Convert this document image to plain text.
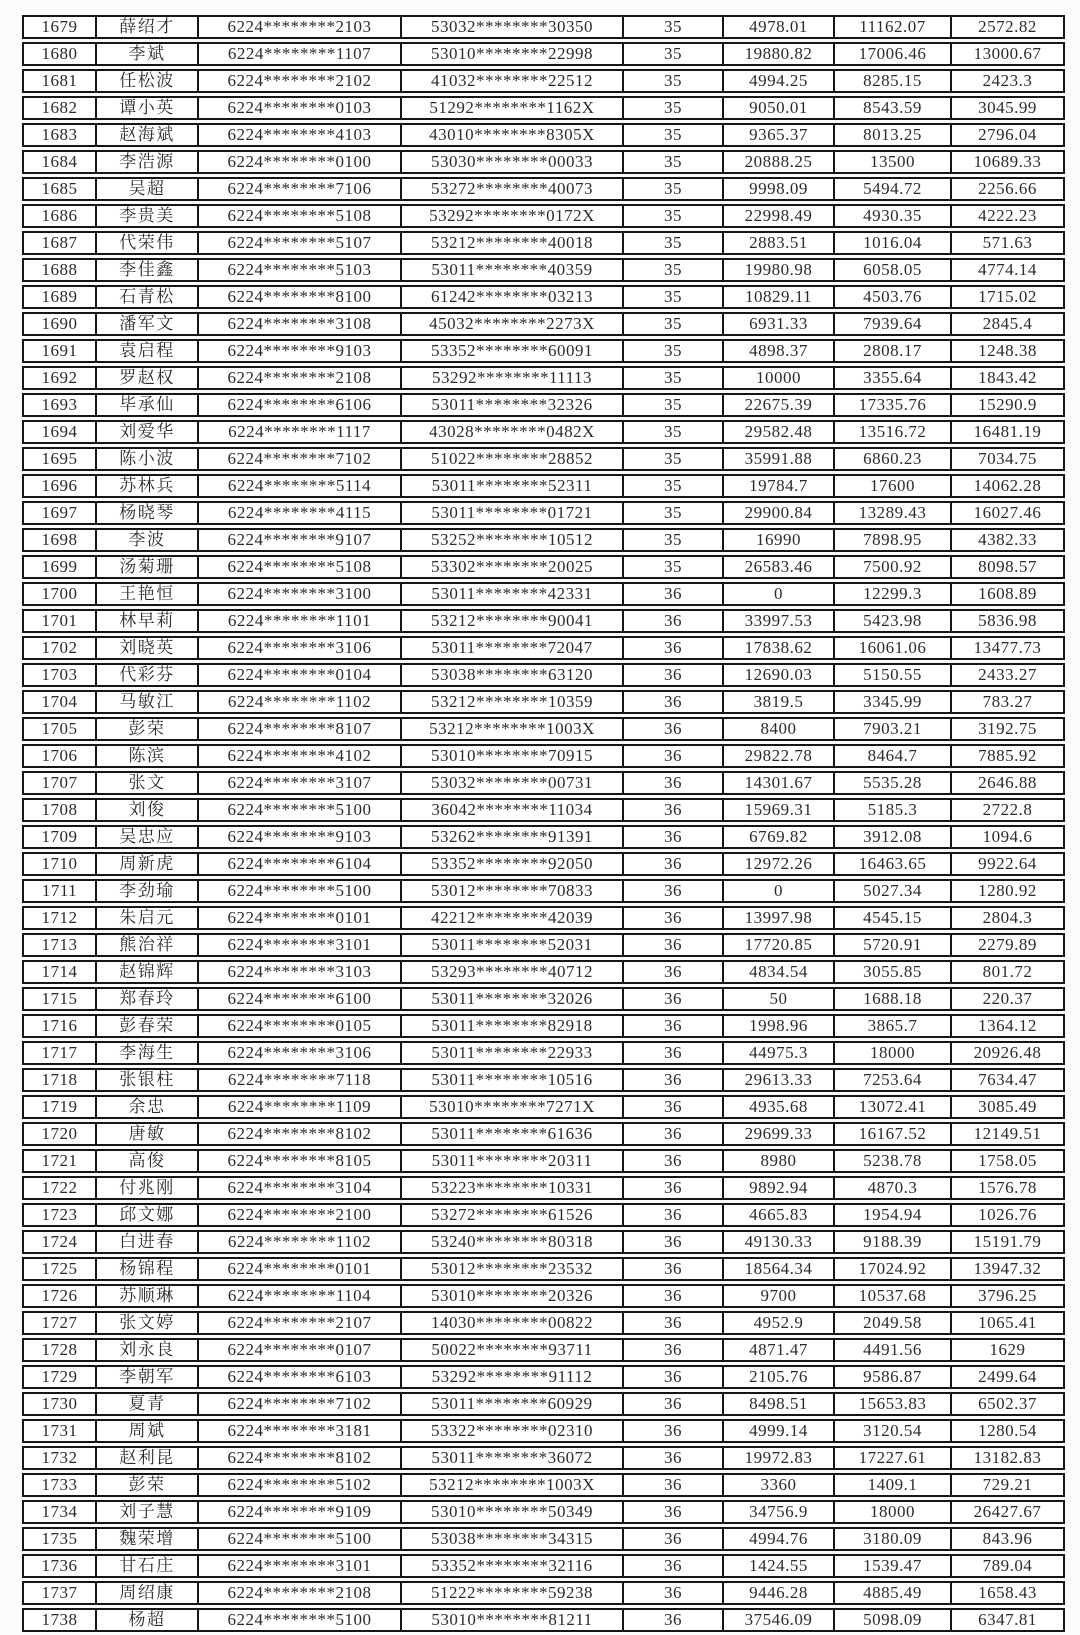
1679	薛绍才	6224********2103	53032********30350	35	4978.01	11162.07	2572.82
1680	李斌	6224********1107	53010********22998	35	19880.82	17006.46	13000.67
1681	任松波	6224********2102	41032********22512	35	4994.25	8285.15	2423.3
1682	谭小英	6224********0103	51292********1162X	35	9050.01	8543.59	3045.99
1683	赵海斌	6224********4103	43010********8305X	35	9365.37	8013.25	2796.04
1684	李浩源	6224********0100	53030********00033	35	20888.25	13500	10689.33
1685	吴超	6224********7106	53272********40073	35	9998.09	5494.72	2256.66
1686	李贵美	6224********5108	53292********0172X	35	22998.49	4930.35	4222.23
1687	代荣伟	6224********5107	53212********40018	35	2883.51	1016.04	571.63
1688	李佳鑫	6224********5103	53011********40359	35	19980.98	6058.05	4774.14
1689	石青松	6224********8100	61242********03213	35	10829.11	4503.76	1715.02
1690	潘军文	6224********3108	45032********2273X	35	6931.33	7939.64	2845.4
1691	袁启程	6224********9103	53352********60091	35	4898.37	2808.17	1248.38
1692	罗赵权	6224********2108	53292********11113	35	10000	3355.64	1843.42
1693	毕承仙	6224********6106	53011********32326	35	22675.39	17335.76	15290.9
1694	刘爱华	6224********1117	43028********0482X	35	29582.48	13516.72	16481.19
1695	陈小波	6224********7102	51022********28852	35	35991.88	6860.23	7034.75
1696	苏林兵	6224********5114	53011********52311	35	19784.7	17600	14062.28
1697	杨晓琴	6224********4115	53011********01721	35	29900.84	13289.43	16027.46
1698	李波	6224********9107	53252********10512	35	16990	7898.95	4382.33
1699	汤菊珊	6224********5108	53302********20025	35	26583.46	7500.92	8098.57
1700	王艳恒	6224********3100	53011********42331	36	0	12299.3	1608.89
1701	林早莉	6224********1101	53212********90041	36	33997.53	5423.98	5836.98
1702	刘晓英	6224********3106	53011********72047	36	17838.62	16061.06	13477.73
1703	代彩芬	6224********0104	53038********63120	36	12690.03	5150.55	2433.27
1704	马敏江	6224********1102	53212********10359	36	3819.5	3345.99	783.27
1705	彭荣	6224********8107	53212********1003X	36	8400	7903.21	3192.75
1706	陈滨	6224********4102	53010********70915	36	29822.78	8464.7	7885.92
1707	张文	6224********3107	53032********00731	36	14301.67	5535.28	2646.88
1708	刘俊	6224********5100	36042********11034	36	15969.31	5185.3	2722.8
1709	吴忠应	6224********9103	53262********91391	36	6769.82	3912.08	1094.6
1710	周新虎	6224********6104	53352********92050	36	12972.26	16463.65	9922.64
1711	李劲瑜	6224********5100	53012********70833	36	0	5027.34	1280.92
1712	朱启元	6224********0101	42212********42039	36	13997.98	4545.15	2804.3
1713	熊治祥	6224********3101	53011********52031	36	17720.85	5720.91	2279.89
1714	赵锦辉	6224********3103	53293********40712	36	4834.54	3055.85	801.72
1715	郑春玲	6224********6100	53011********32026	36	50	1688.18	220.37
1716	彭春荣	6224********0105	53011********82918	36	1998.96	3865.7	1364.12
1717	李海生	6224********3106	53011********22933	36	44975.3	18000	20926.48
1718	张银柱	6224********7118	53011********10516	36	29613.33	7253.64	7634.47
1719	余忠	6224********1109	53010********7271X	36	4935.68	13072.41	3085.49
1720	唐敏	6224********8102	53011********61636	36	29699.33	16167.52	12149.51
1721	高俊	6224********8105	53011********20311	36	8980	5238.78	1758.05
1722	付兆刚	6224********3104	53223********10331	36	9892.94	4870.3	1576.78
1723	邱文娜	6224********2100	53272********61526	36	4665.83	1954.94	1026.76
1724	白进春	6224********1102	53240********80318	36	49130.33	9188.39	15191.79
1725	杨锦程	6224********0101	53012********23532	36	18564.34	17024.92	13947.32
1726	苏顺琳	6224********1104	53010********20326	36	9700	10537.68	3796.25
1727	张文婷	6224********2107	14030********00822	36	4952.9	2049.58	1065.41
1728	刘永良	6224********0107	50022********93711	36	4871.47	4491.56	1629
1729	李朝军	6224********6103	53292********91112	36	2105.76	9586.87	2499.64
1730	夏青	6224********7102	53011********60929	36	8498.51	15653.83	6502.37
1731	周斌	6224********3181	53322********02310	36	4999.14	3120.54	1280.54
1732	赵利昆	6224********8102	53011********36072	36	19972.83	17227.61	13182.83
1733	彭荣	6224********5102	53212********1003X	36	3360	1409.1	729.21
1734	刘子慧	6224********9109	53010********50349	36	34756.9	18000	26427.67
1735	魏荣增	6224********5100	53038********34315	36	4994.76	3180.09	843.96
1736	甘石庄	6224********3101	53352********32116	36	1424.55	1539.47	789.04
1737	周绍康	6224********2108	51222********59238	36	9446.28	4885.49	1658.43
1738	杨超	6224********5100	53010********81211	36	37546.09	5098.09	6347.81
